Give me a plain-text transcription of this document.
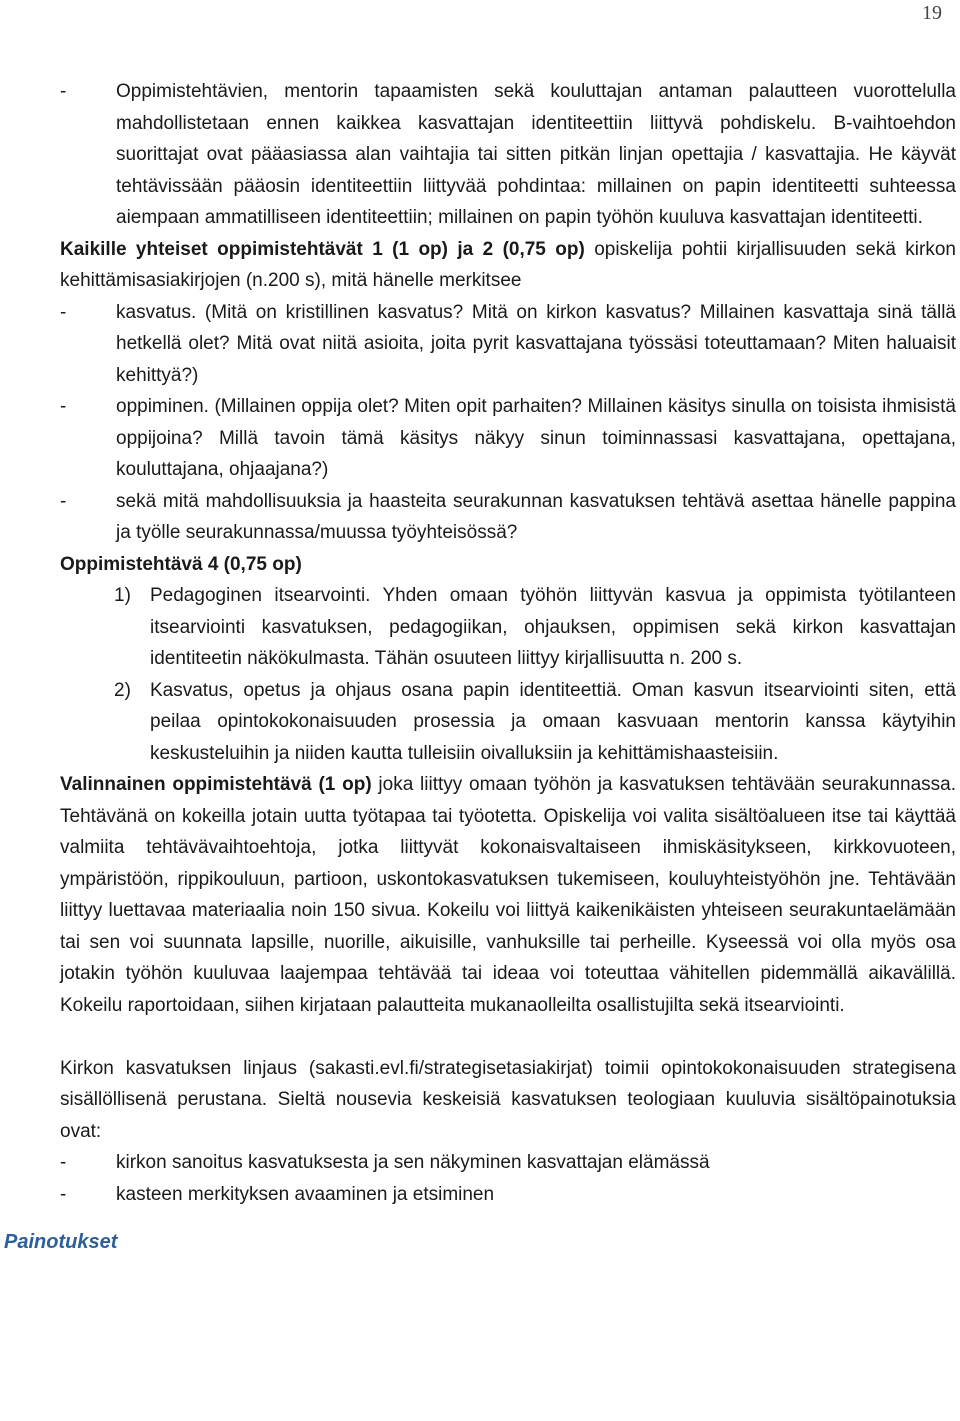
19
-	Oppimistehtävien, mentorin tapaamisten sekä kouluttajan antaman palautteen vuorottelulla mahdollistetaan ennen kaikkea kasvattajan identiteettiin liittyvä pohdiskelu. B-vaihtoehdon suorittajat ovat pääasiassa alan vaihtajia tai sitten pitkän linjan opettajia / kasvattajia. He käyvät tehtävissään pääosin identiteettiin liittyvää pohdintaa: millainen on papin identiteetti suhteessa aiempaan ammatilliseen identiteettiin; millainen on papin työhön kuuluva kasvattajan identiteetti.

Kaikille yhteiset oppimistehtävät 1 (1 op) ja 2 (0,75 op) opiskelija pohtii kirjallisuuden sekä kirkon kehittämisasiakirjojen (n.200 s), mitä hänelle merkitsee

-	kasvatus. (Mitä on kristillinen kasvatus? Mitä on kirkon kasvatus? Millainen kasvattaja sinä tällä hetkellä olet? Mitä ovat niitä asioita, joita pyrit kasvattajana työssäsi toteuttamaan? Miten haluaisit kehittyä?)
-	oppiminen. (Millainen oppija olet? Miten opit parhaiten? Millainen käsitys sinulla on toisista ihmisistä oppijoina? Millä tavoin tämä käsitys näkyy sinun toiminnassasi kasvattajana, opettajana, kouluttajana, ohjaajana?)
-	sekä mitä mahdollisuuksia ja haasteita seurakunnan kasvatuksen tehtävä asettaa hänelle pappina ja työlle seurakunnassa/muussa työyhteisössä?

Oppimistehtävä 4 (0,75 op)

1) Pedagoginen itsearvointi. Yhden omaan työhön liittyvän kasvua ja oppimista työtilanteen itsearviointi kasvatuksen, pedagogiikan, ohjauksen, oppimisen sekä kirkon kasvattajan identiteetin näkökulmasta. Tähän osuuteen liittyy kirjallisuutta n. 200 s.
2) Kasvatus, opetus ja ohjaus osana papin identiteettiä. Oman kasvun itsearviointi siten, että peilaa opintokokonaisuuden prosessia ja omaan kasvuaan mentorin kanssa käytyihin keskusteluihin ja niiden kautta tulleisiin oivalluksiin ja kehittämishaasteisiin.

Valinnainen oppimistehtävä (1 op) joka liittyy omaan työhön ja kasvatuksen tehtävään seurakunnassa. Tehtävänä on kokeilla jotain uutta työtapaa tai työotetta. Opiskelija voi valita sisältöalueen itse tai käyttää valmiita tehtävävaihtoehtoja, jotka liittyvät kokonaisvaltaiseen ihmiskäsitykseen, kirkkovuoteen, ympäristöön, rippikouluun, partioon, uskontokasvatuksen tukemiseen, kouluyhteistyöhön jne. Tehtävään liittyy luettavaa materiaalia noin 150 sivua. Kokeilu voi liittyä kaikenikäisten yhteiseen seurakuntaelämään tai sen voi suunnata lapsille, nuorille, aikuisille, vanhuksille tai perheille. Kyseessä voi olla myös osa jotakin työhön kuuluvaa laajempaa tehtävää tai ideaa voi toteuttaa vähitellen pidemmällä aikavälillä. Kokeilu raportoidaan, siihen kirjataan palautteita mukanaolleilta osallistujilta sekä itsearviointi.

Kirkon kasvatuksen linjaus (sakasti.evl.fi/strategisetasiakirjat) toimii opintokokonaisuuden strategisena sisällöllisenä perustana. Sieltä nousevia keskeisiä kasvatuksen teologiaan kuuluvia sisältöpainotuksia ovat:

-	kirkon sanoitus kasvatuksesta ja sen näkyminen kasvattajan elämässä
-	kasteen merkityksen avaaminen ja etsiminen
Painotukset
